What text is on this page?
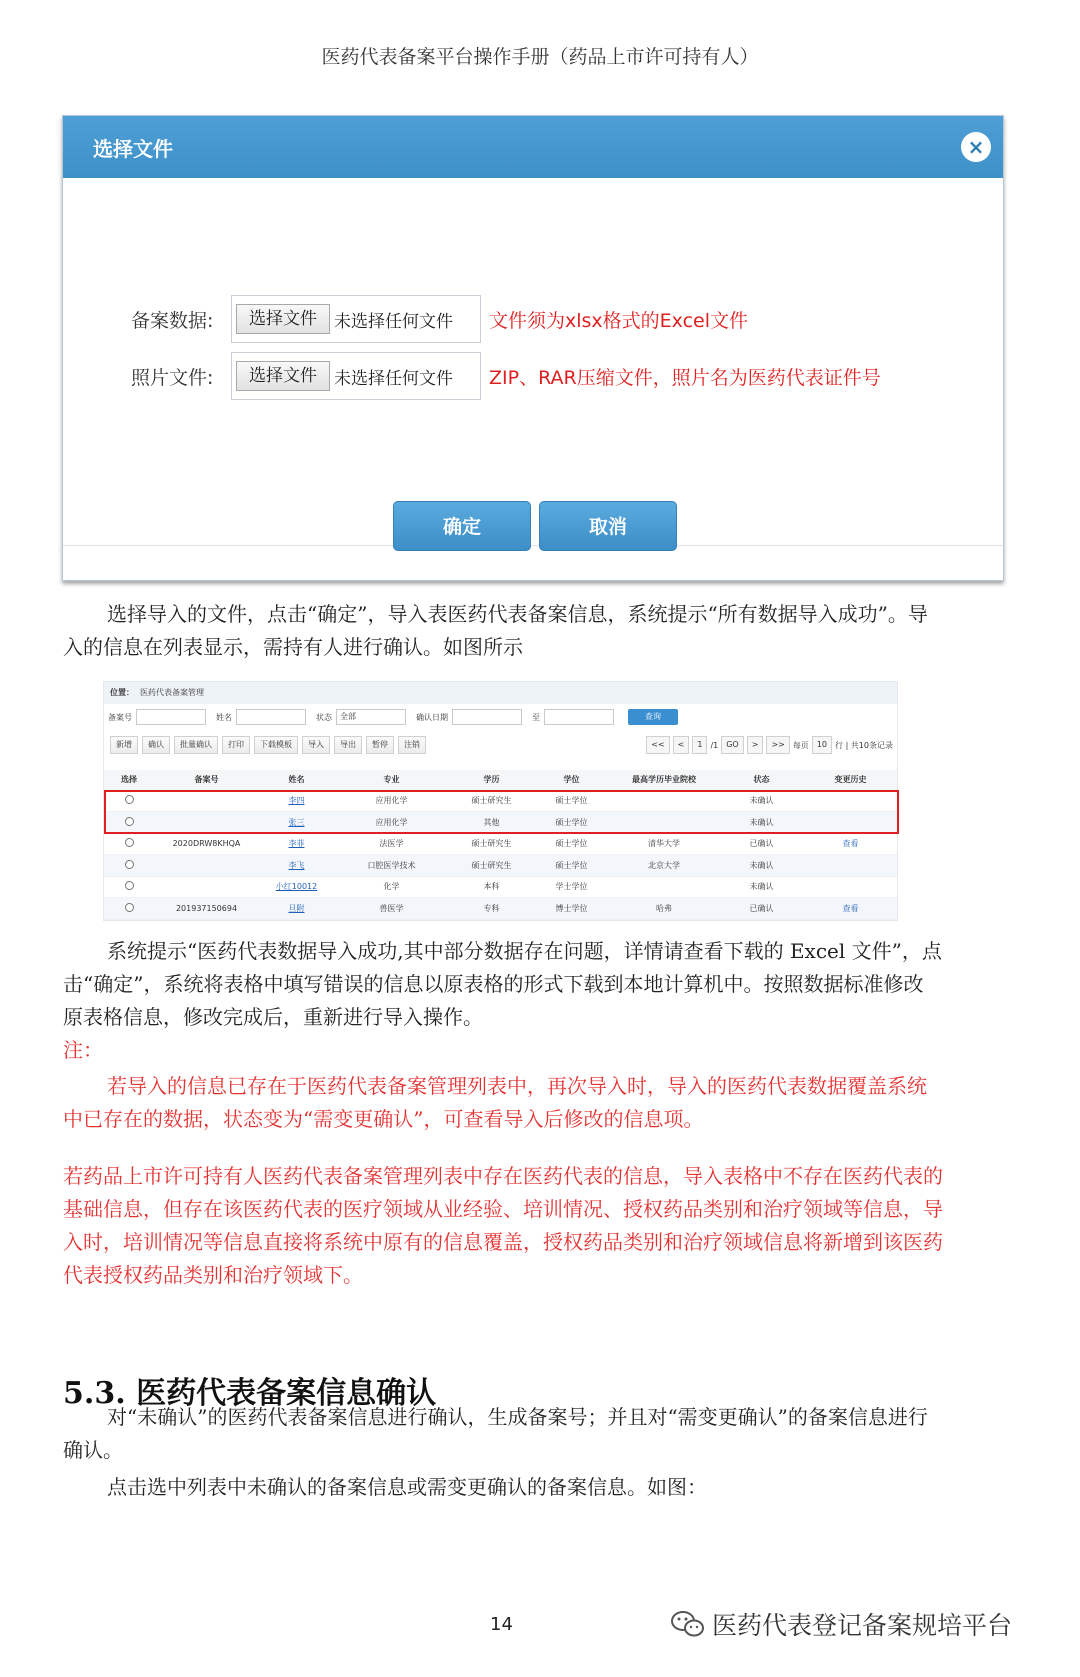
医药代表备案平台操作手册（药品上市许可持有人）
选择文件	×
备案数据:	选择文件	未选择任何文件 文件须为xlsx格式的Excel文件
照片文件:	选择文件	未选择任何文件 ZIP、RAR压缩文件，照片名为医药代表证件号
确定	取消
选择导入的文件，点击“确定”，导入表医药代表备案信息，系统提示“所有数据导入成功”。导入的信息在列表显示，需持有人进行确认。如图所示
位置： 医药代表备案管理
备案号	姓名	状态	全部	确认日期	至	查询
新增	确认	批量确认	打印	下载模板	导入	导出	暂停	注销	<<	<	1	/1	GO	>	>>	每页	10	行 | 共10条记录
选择	备案号	姓名	专业	学历	学位	最高学历毕业院校	状态	变更历史
		李四	应用化学	硕士研究生	硕士学位		未确认	
		张三	应用化学	其他	硕士学位		未确认	
	2020DRW8KHQA	李菲	法医学	硕士研究生	硕士学位	清华大学	已确认	查看
		李飞	口腔医学技术	硕士研究生	硕士学位	北京大学	未确认	
		小红10012	化学	本科	学士学位		未确认	
	201937150694	旦附	兽医学	专科	博士学位	哈弗	已确认	查看
系统提示“医药代表数据导入成功,其中部分数据存在问题，详情请查看下载的 Excel 文件”，点击“确定”，系统将表格中填写错误的信息以原表格的形式下载到本地计算机中。按照数据标准修改原表格信息，修改完成后，重新进行导入操作。
注：
若导入的信息已存在于医药代表备案管理列表中，再次导入时，导入的医药代表数据覆盖系统中已存在的数据，状态变为“需变更确认”，可查看导入后修改的信息项。
若药品上市许可持有人医药代表备案管理列表中存在医药代表的信息，导入表格中不存在医药代表的基础信息，但存在该医药代表的医疗领域从业经验、培训情况、授权药品类别和治疗领域等信息，导入时，培训情况等信息直接将系统中原有的信息覆盖，授权药品类别和治疗领域信息将新增到该医药代表授权药品类别和治疗领域下。
5.3. 医药代表备案信息确认
对“未确认”的医药代表备案信息进行确认，生成备案号；并且对“需变更确认”的备案信息进行确认。
点击选中列表中未确认的备案信息或需变更确认的备案信息。如图：
14	医药代表登记备案规培平台
